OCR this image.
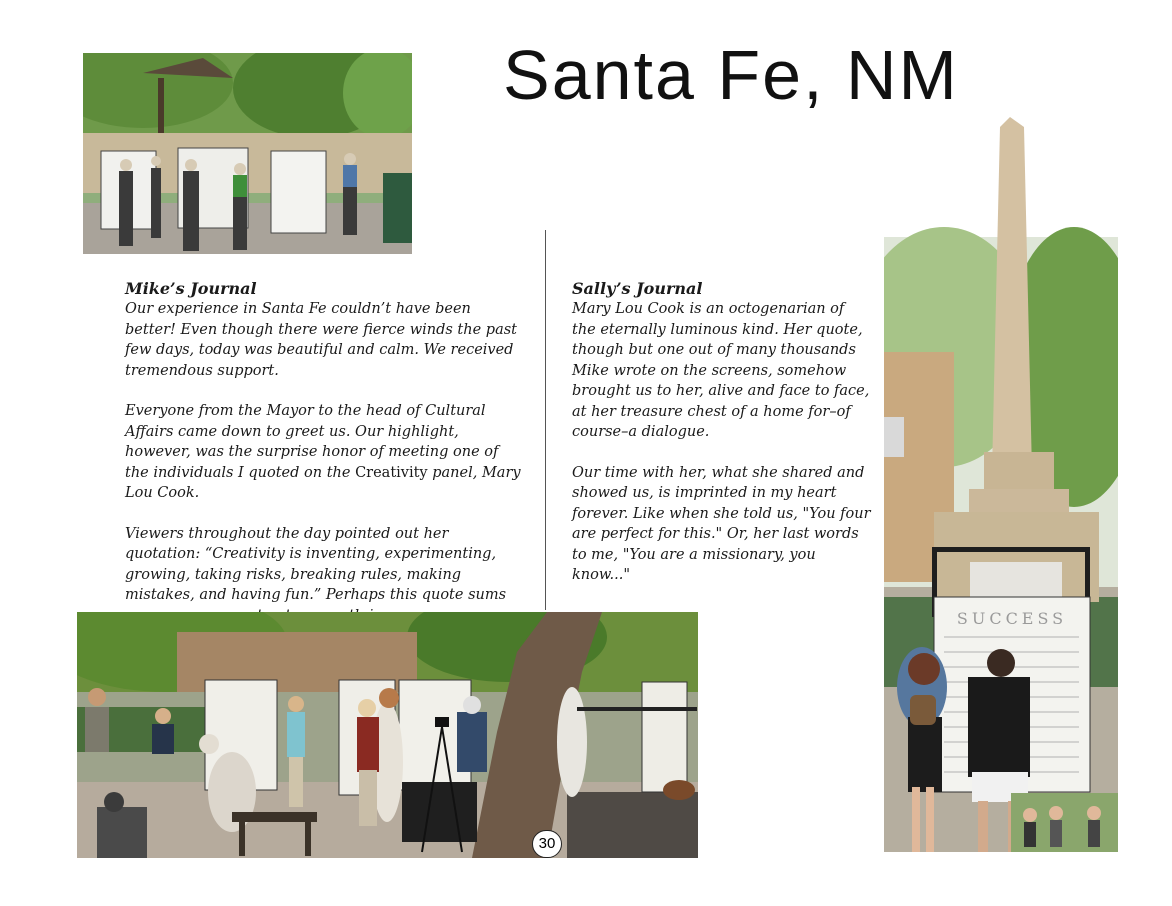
Santa Fe, NM
Mike’s Journal

Our experience in Santa Fe couldn’t have been better! Even though there were fierce winds the past few days, today was beautiful and calm. We received tremendous support.

Everyone from the Mayor to the head of Cultural Affairs came down to greet us. Our highlight, however, was the surprise honor of meeting one of the individuals I quoted on the Creativity panel, Mary Lou Cook.

Viewers throughout the day pointed out her quotation: “Creativity is inventing, experimenting, growing, taking risks, breaking rules, making mistakes, and having fun.” Perhaps this quote sums

Sally’s Journal

Mary Lou Cook is an octogenarian of the eternally luminous kind. Her quote, though but one out of many thousands Mike wrote on the screens, somehow brought us to her, alive and face to face, at her treasure chest of a home for–of course–a dialogue.

Our time with her, what she shared and showed us, is imprinted in my heart forever. Like when she told us, "You four are perfect for this." Or, her last words to me, "You are a missionary, you know..."

SUCCESS
30
